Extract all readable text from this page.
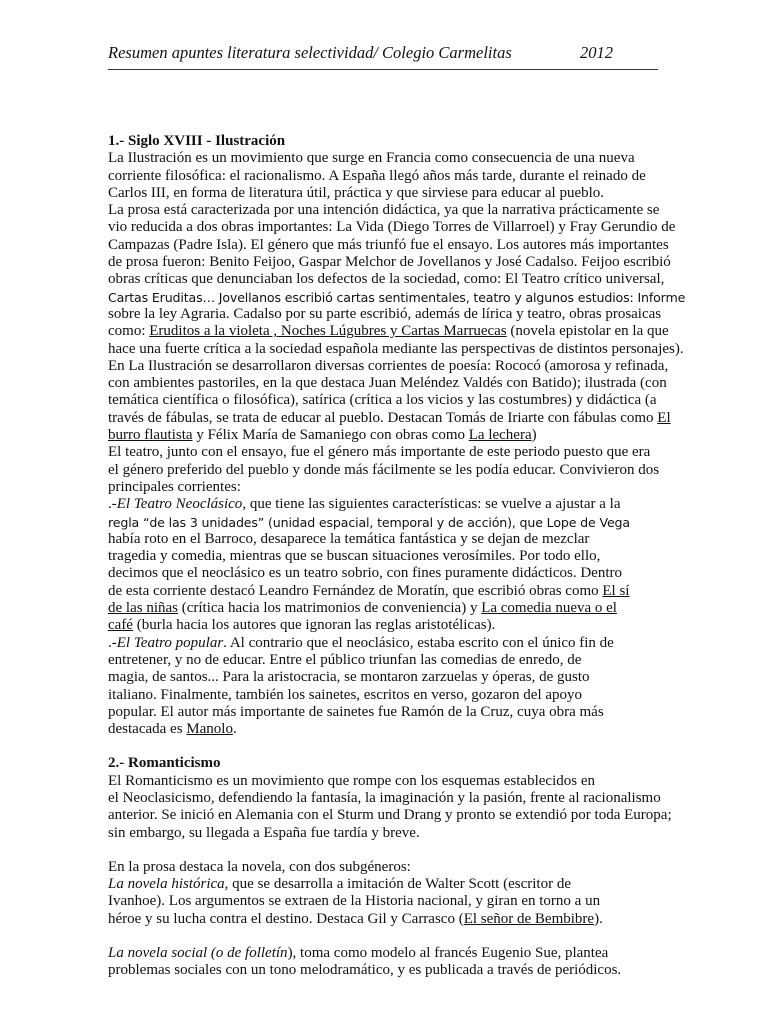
Resumen apuntes literatura selectividad/ Colegio Carmelitas	2012
1.- Siglo XVIII - Ilustración
La Ilustración es un movimiento que surge en Francia como consecuencia de una nueva
corriente filosófica: el racionalismo. A España llegó años más tarde, durante el reinado de
Carlos III, en forma de literatura útil, práctica y que sirviese para educar al pueblo.
La prosa está caracterizada por una intención didáctica, ya que la narrativa prácticamente se
vio reducida a dos obras importantes: La Vida (Diego Torres de Villarroel) y Fray Gerundio de
Campazas (Padre Isla). El género que más triunfó fue el ensayo. Los autores más importantes
de prosa fueron: Benito Feijoo, Gaspar Melchor de Jovellanos y José Cadalso. Feijoo escribió
obras críticas que denunciaban los defectos de la sociedad, como: El Teatro crítico universal,
Cartas Eruditas… Jovellanos escribió cartas sentimentales, teatro y algunos estudios: Informe
sobre la ley Agraria. Cadalso por su parte escribió, además de lírica y teatro, obras prosaicas
como: Eruditos a la violeta , Noches Lúgubres y Cartas Marruecas (novela epistolar en la que
hace una fuerte crítica a la sociedad española mediante las perspectivas de distintos personajes).
En La Ilustración se desarrollaron diversas corrientes de poesía: Rococó (amorosa y refinada,
con ambientes pastoriles, en la que destaca Juan Meléndez Valdés con Batido); ilustrada (con
temática científica o filosófica), satírica (crítica a los vicios y las costumbres) y didáctica (a
través de fábulas, se trata de educar al pueblo. Destacan Tomás de Iriarte con fábulas como El
burro flautista y Félix María de Samaniego con obras como La lechera)
El teatro, junto con el ensayo, fue el género más importante de este periodo puesto que era
el género preferido del pueblo y donde más fácilmente se les podía educar. Convivieron dos
principales corrientes:
.-El Teatro Neoclásico, que tiene las siguientes características: se vuelve a ajustar a la
regla “de las 3 unidades” (unidad espacial, temporal y de acción), que Lope de Vega
había roto en el Barroco, desaparece la temática fantástica y se dejan de mezclar
tragedia y comedia, mientras que se buscan situaciones verosímiles. Por todo ello,
decimos que el neoclásico es un teatro sobrio, con fines puramente didácticos. Dentro
de esta corriente destacó Leandro Fernández de Moratín, que escribió obras como El sí
de las niñas (crítica hacia los matrimonios de conveniencia) y La comedia nueva o el
café (burla hacia los autores que ignoran las reglas aristotélicas).
.-El Teatro popular. Al contrario que el neoclásico, estaba escrito con el único fin de
entretener, y no de educar. Entre el público triunfan las comedias de enredo, de
magia, de santos... Para la aristocracia, se montaron zarzuelas y óperas, de gusto
italiano. Finalmente, también los sainetes, escritos en verso, gozaron del apoyo
popular. El autor más importante de sainetes fue Ramón de la Cruz, cuya obra más
destacada es Manolo.
2.- Romanticismo
El Romanticismo es un movimiento que rompe con los esquemas establecidos en
el Neoclasicismo, defendiendo la fantasía, la imaginación y la pasión, frente al racionalismo
anterior. Se inició en Alemania con el Sturm und Drang y pronto se extendió por toda Europa;
sin embargo, su llegada a España fue tardía y breve.
En la prosa destaca la novela, con dos subgéneros:
La novela histórica, que se desarrolla a imitación de Walter Scott (escritor de
Ivanhoe). Los argumentos se extraen de la Historia nacional, y giran en torno a un
héroe y su lucha contra el destino. Destaca Gil y Carrasco (El señor de Bembibre).
La novela social (o de folletín), toma como modelo al francés Eugenio Sue, plantea
problemas sociales con un tono melodramático, y es publicada a través de periódicos.
